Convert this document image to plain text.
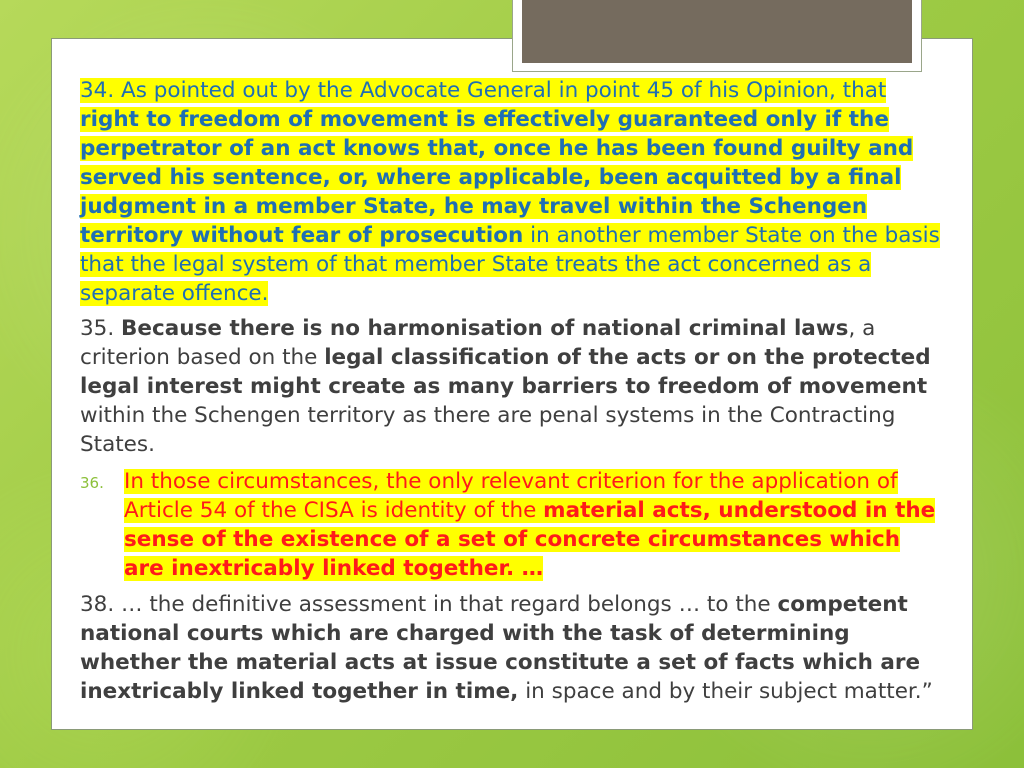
34. As pointed out by the Advocate General in point 45 of his Opinion, that right to freedom of movement is effectively guaranteed only if the perpetrator of an act knows that, once he has been found guilty and served his sentence, or, where applicable, been acquitted by a final judgment in a member State, he may travel within the Schengen territory without fear of prosecution in another member State on the basis that the legal system of that member State treats the act concerned as a separate offence.
35. Because there is no harmonisation of national criminal laws, a criterion based on the legal classification of the acts or on the protected legal interest might create as many barriers to freedom of movement within the Schengen territory as there are penal systems in the Contracting States.
36. In those circumstances, the only relevant criterion for the application of Article 54 of the CISA is identity of the material acts, understood in the sense of the existence of a set of concrete circumstances which are inextricably linked together. …
38. … the definitive assessment in that regard belongs … to the competent national courts which are charged with the task of determining whether the material acts at issue constitute a set of facts which are inextricably linked together in time, in space and by their subject matter.”
